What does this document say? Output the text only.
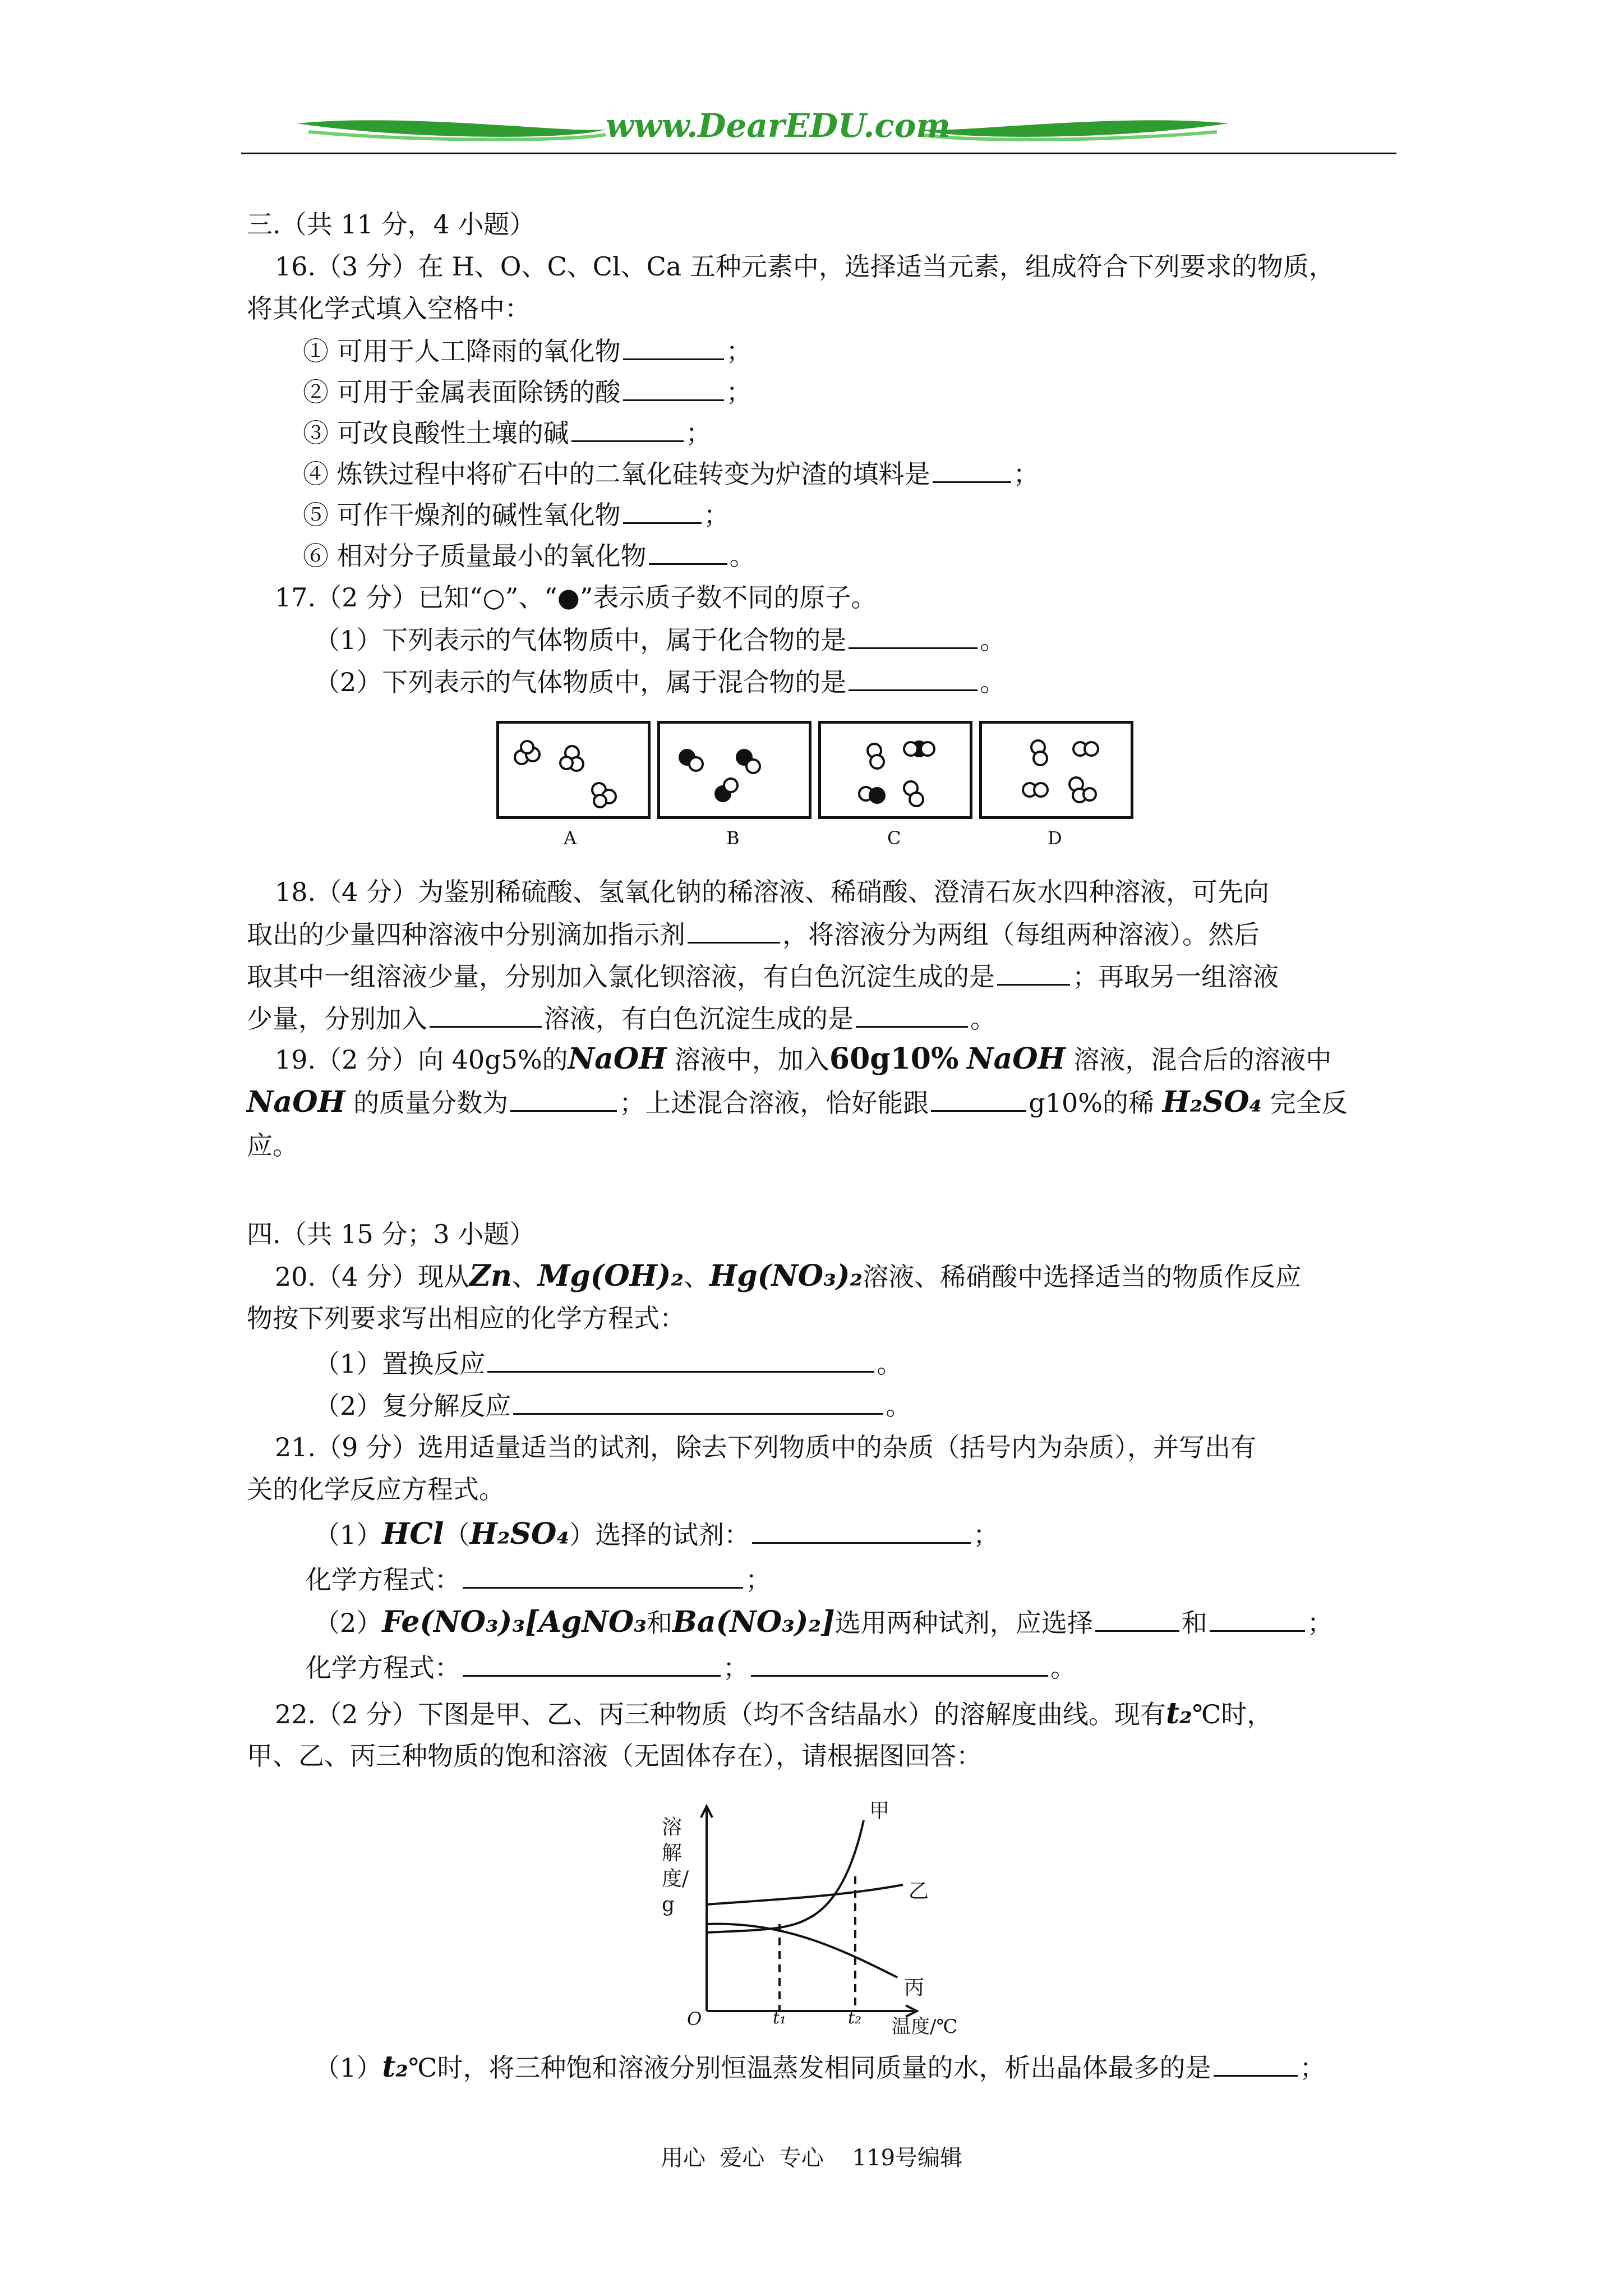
www.DearEDU.com
三.（共 11 分，4 小题）
16.（3 分）在 H、O、C、Cl、Ca 五种元素中，选择适当元素，组成符合下列要求的物质，
将其化学式填入空格中：
① 可用于人工降雨的氧化物	；
② 可用于金属表面除锈的酸	；
③ 可改良酸性土壤的碱	；
④ 炼铁过程中将矿石中的二氧化硅转变为炉渣的填料是	；
⑤ 可作干燥剂的碱性氧化物	；
⑥ 相对分子质量最小的氧化物	。
17.（2 分）已知“○”、“●”表示质子数不同的原子。
（1）下列表示的气体物质中，属于化合物的是	。
（2）下列表示的气体物质中，属于混合物的是	。
A	B	C	D
18.（4 分）为鉴别稀硫酸、氢氧化钠的稀溶液、稀硝酸、澄清石灰水四种溶液，可先向
取出的少量四种溶液中分别滴加指示剂	，将溶液分为两组（每组两种溶液）。然后
取其中一组溶液少量，分别加入氯化钡溶液，有白色沉淀生成的是	；再取另一组溶液
少量，分别加入	溶液，有白色沉淀生成的是	。
19.（2 分）向 40g5%的NaOH 溶液中，加入60g10% NaOH 溶液，混合后的溶液中
NaOH 的质量分数为	；上述混合溶液，恰好能跟	g10%的稀 H₂SO₄ 完全反
应。
四.（共 15 分；3 小题）
20.（4 分）现从Zn、Mg(OH)₂、Hg(NO₃)₂溶液、稀硝酸中选择适当的物质作反应
物按下列要求写出相应的化学方程式：
（1）置换反应	。
（2）复分解反应	。
21.（9 分）选用适量适当的试剂，除去下列物质中的杂质（括号内为杂质），并写出有
关的化学反应方程式。
（1）HCl（H₂SO₄）选择的试剂：	；
化学方程式：	；
（2）Fe(NO₃)₃[AgNO₃和Ba(NO₃)₂]选用两种试剂，应选择	和	；
化学方程式：	；	。
22.（2 分）下图是甲、乙、丙三种物质（均不含结晶水）的溶解度曲线。现有t₂℃时，
甲、乙、丙三种物质的饱和溶液（无固体存在），请根据图回答：
溶解度/g
O	t₁	t₂ 温度/℃
甲
乙
丙
（1）t₂℃时，将三种饱和溶液分别恒温蒸发相同质量的水，析出晶体最多的是	；
用心  爱心  专心    119号编辑
